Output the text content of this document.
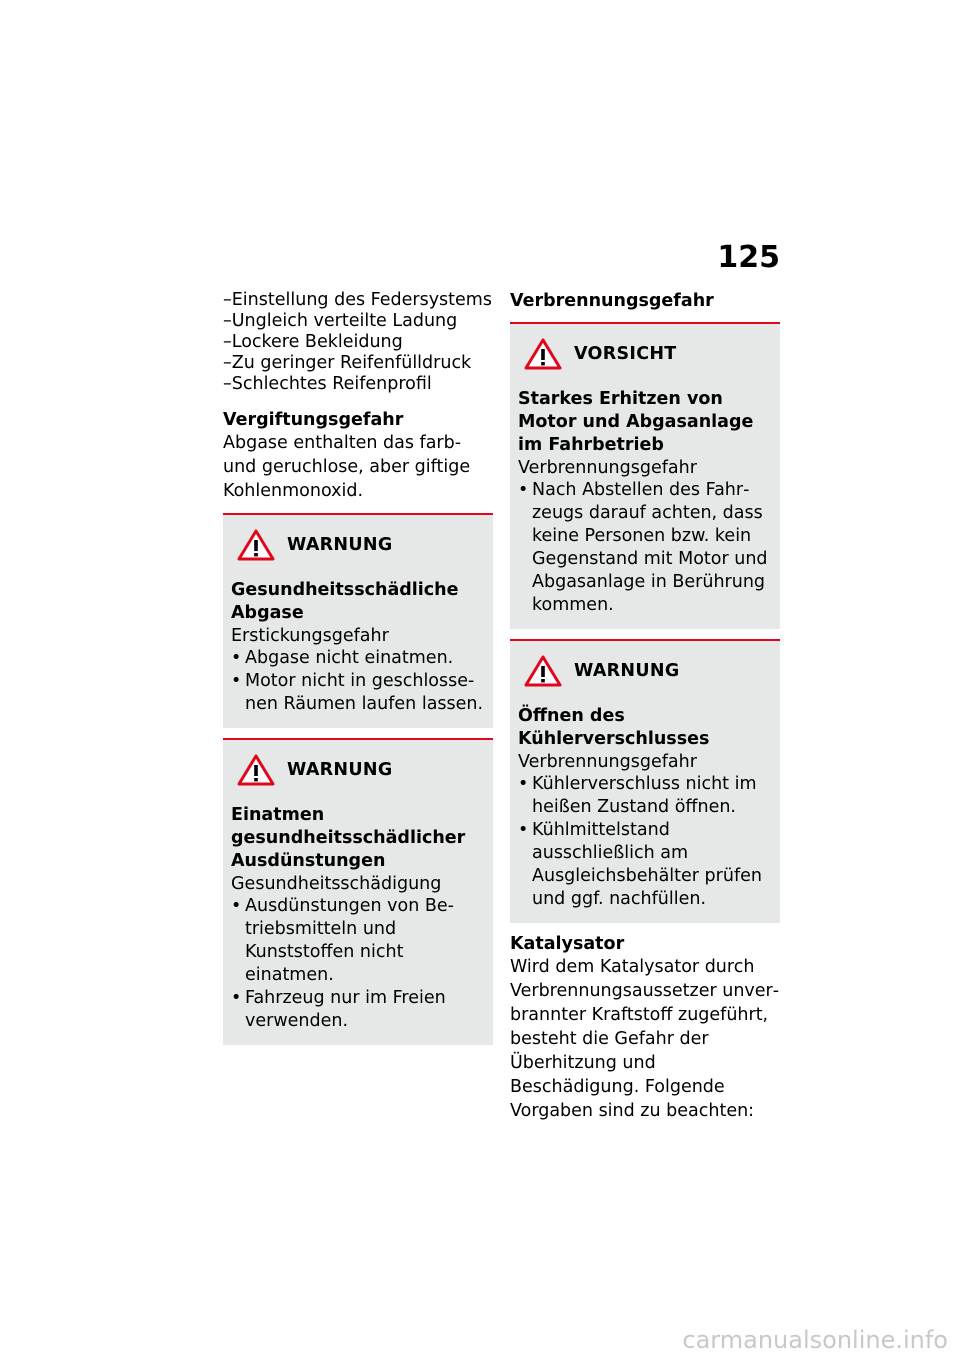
125
–Einstellung des Federsystems
–Ungleich verteilte Ladung
–Lockere Bekleidung
–Zu geringer Reifenfülldruck
–Schlechtes Reifenprofil

Vergiftungsgefahr

Abgase enthalten das farb- und geruchlose, aber giftige Kohlenmonoxid.

WARNUNG

Gesundheitsschädliche Abgase

Erstickungsgefahr

• Abgase nicht einatmen.
• Motor nicht in geschlossenen Räumen laufen lassen.
WARNUNG

Einatmen gesundheitsschädlicher Ausdünstungen

Gesundheitsschädigung

• Ausdünstungen von Betriebsmitteln und Kunststoffen nicht einatmen.
• Fahrzeug nur im Freien verwenden.

Verbrennungsgefahr

VORSICHT

Starkes Erhitzen von Motor und Abgasanlage im Fahrbetrieb

Verbrennungsgefahr

• Nach Abstellen des Fahrzeugs darauf achten, dass keine Personen bzw. kein Gegenstand mit Motor und Abgasanlage in Berührung kommen.
WARNUNG

Öffnen des Kühlerverschlusses

Verbrennungsgefahr

• Kühlerverschluss nicht im heißen Zustand öffnen.
• Kühlmittelstand ausschließlich am Ausgleichsbehälter prüfen und ggf. nachfüllen.

Katalysator

Wird dem Katalysator durch Verbrennungsaussetzer unverbrannter Kraftstoff zugeführt, besteht die Gefahr der Überhitzung und Beschädigung. Folgende Vorgaben sind zu beachten:

carmanualsonline.info
